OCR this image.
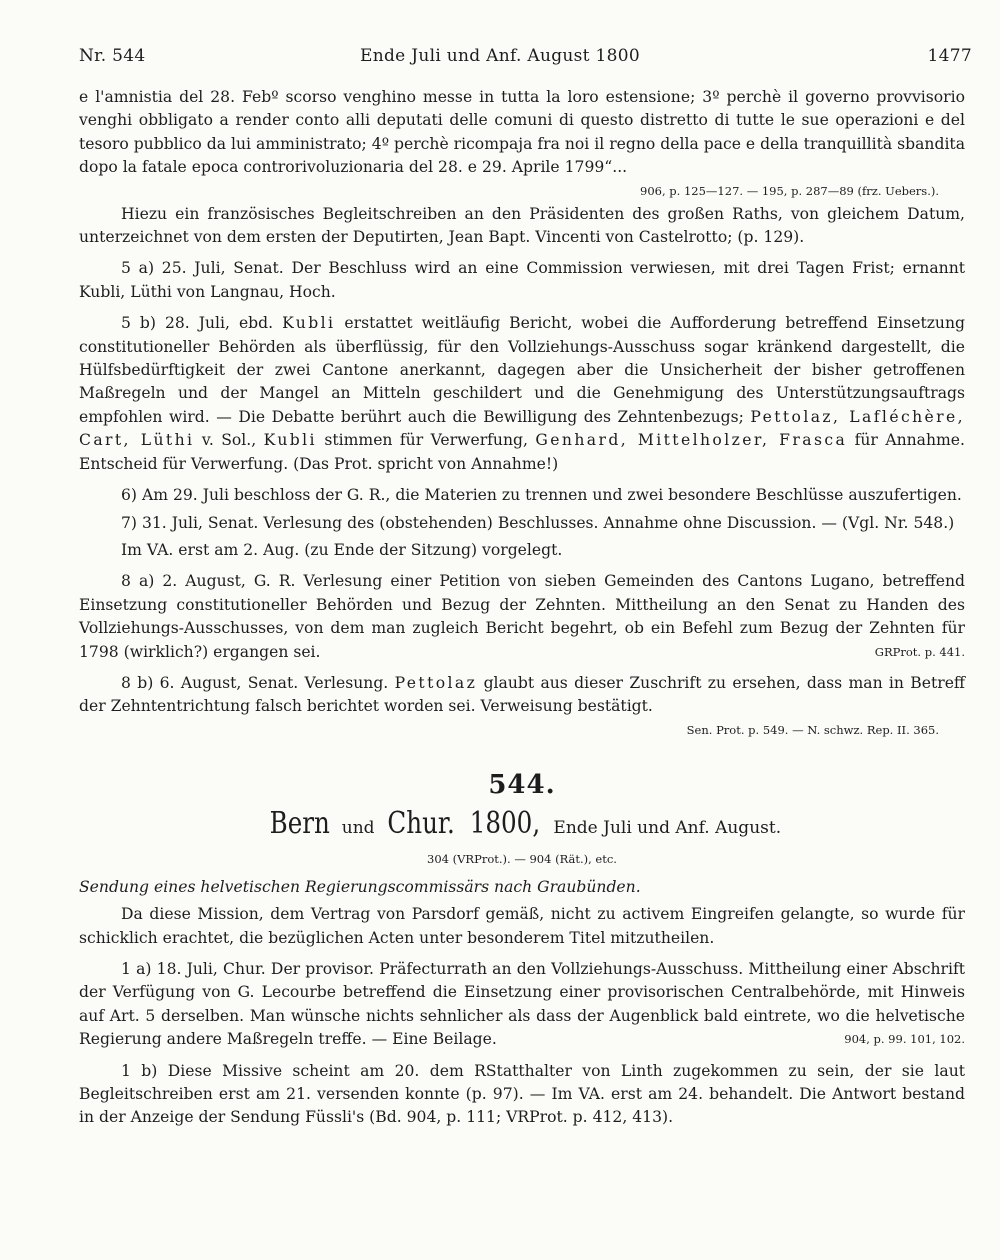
Nr. 544	Ende Juli und Anf. August 1800	1477

e l'amnistia del 28. Febº scorso venghino messe in tutta la loro estensione; 3º perchè il governo provvisorio venghi obbligato a render conto alli deputati delle comuni di questo distretto di tutte le sue operazioni e del tesoro pubblico da lui amministrato; 4º perchè ricompaja fra noi il regno della pace e della tranquillità sbandita dopo la fatale epoca controrivoluzionaria del 28. e 29. Aprile 1799“...

906, p. 125—127. — 195, p. 287—89 (frz. Uebers.).

Hiezu ein französisches Begleitschreiben an den Präsidenten des großen Raths, von gleichem Datum, unterzeichnet von dem ersten der Deputirten, Jean Bapt. Vincenti von Castelrotto; (p. 129).

5 a) 25. Juli, Senat. Der Beschluss wird an eine Commission verwiesen, mit drei Tagen Frist; ernannt Kubli, Lüthi von Langnau, Hoch.

5 b) 28. Juli, ebd. Kubli erstattet weitläufig Bericht, wobei die Aufforderung betreffend Einsetzung constitutioneller Behörden als überflüssig, für den Vollziehungs-Ausschuss sogar kränkend dargestellt, die Hülfsbedürftigkeit der zwei Cantone anerkannt, dagegen aber die Unsicherheit der bisher getroffenen Maßregeln und der Mangel an Mitteln geschildert und die Genehmigung des Unterstützungsauftrags empfohlen wird. — Die Debatte berührt auch die Bewilligung des Zehntenbezugs; Pettolaz, Lafléchère, Cart, Lüthi v. Sol., Kubli stimmen für Verwerfung, Genhard, Mittelholzer, Frasca für Annahme. Entscheid für Verwerfung. (Das Prot. spricht von Annahme!)

6) Am 29. Juli beschloss der G. R., die Materien zu trennen und zwei besondere Beschlüsse auszufertigen.

7) 31. Juli, Senat. Verlesung des (obstehenden) Beschlusses. Annahme ohne Discussion. — (Vgl. Nr. 548.)

Im VA. erst am 2. Aug. (zu Ende der Sitzung) vorgelegt.

8 a) 2. August, G. R. Verlesung einer Petition von sieben Gemeinden des Cantons Lugano, betreffend Einsetzung constitutioneller Behörden und Bezug der Zehnten. Mittheilung an den Senat zu Handen des Vollziehungs-Ausschusses, von dem man zugleich Bericht begehrt, ob ein Befehl zum Bezug der Zehnten für 1798 (wirklich?) ergangen sei.	GRProt. p. 441.

8 b) 6. August, Senat. Verlesung. Pettolaz glaubt aus dieser Zuschrift zu ersehen, dass man in Betreff der Zehntentrichtung falsch berichtet worden sei. Verweisung bestätigt.

Sen. Prot. p. 549. — N. schwz. Rep. II. 365.
544.
Bern und Chur.1800, Ende Juli und Anf. August.
304 (VRProt.). — 904 (Rät.), etc.

Sendung eines helvetischen Regierungscommissärs nach Graubünden.

Da diese Mission, dem Vertrag von Parsdorf gemäß, nicht zu activem Eingreifen gelangte, so wurde für schicklich erachtet, die bezüglichen Acten unter besonderem Titel mitzutheilen.

1 a) 18. Juli, Chur. Der provisor. Präfecturrath an den Vollziehungs-Ausschuss. Mittheilung einer Abschrift der Verfügung von G. Lecourbe betreffend die Einsetzung einer provisorischen Centralbehörde, mit Hinweis auf Art. 5 derselben. Man wünsche nichts sehnlicher als dass der Augenblick bald eintrete, wo die helvetische Regierung andere Maßregeln treffe. — Eine Beilage.	904, p. 99. 101, 102.

1 b) Diese Missive scheint am 20. dem RStatthalter von Linth zugekommen zu sein, der sie laut Begleitschreiben erst am 21. versenden konnte (p. 97). — Im VA. erst am 24. behandelt. Die Antwort bestand in der Anzeige der Sendung Füssli's (Bd. 904, p. 111; VRProt. p. 412, 413).
